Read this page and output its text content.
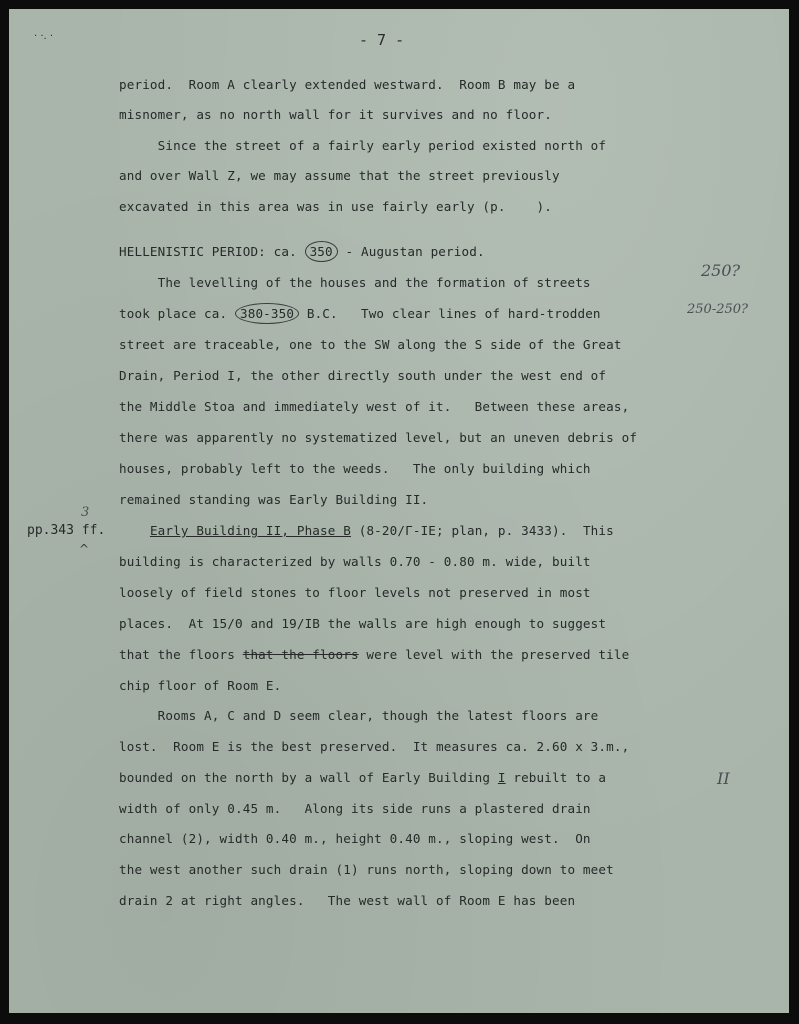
· ·. ·	- 7 -
period.  Room A clearly extended westward.  Room B may be a
misnomer, as no north wall for it survives and no floor.
Since the street of a fairly early period existed north of
and over Wall Z, we may assume that the street previously
excavated in this area was in use fairly early (p.    ).
HELLENISTIC PERIOD: ca. 350 - Augustan period.
The levelling of the houses and the formation of streets
took place ca. 380-350 B.C.   Two clear lines of hard-trodden
street are traceable, one to the SW along the S side of the Great
Drain, Period I, the other directly south under the west end of
the Middle Stoa and immediately west of it.   Between these areas,
there was apparently no systematized level, but an uneven debris of
houses, probably left to the weeds.   The only building which
remained standing was Early Building II.
Early Building II, Phase B (8-20/Γ-IE; plan, p. 3433).  This
building is characterized by walls 0.70 - 0.80 m. wide, built
loosely of field stones to floor levels not preserved in most
places.  At 15/Θ and 19/IB the walls are high enough to suggest
that the floors that the floors were level with the preserved tile
chip floor of Room E.
Rooms A, C and D seem clear, though the latest floors are
lost.  Room E is the best preserved.  It measures ca. 2.60 x 3.m.,
bounded on the north by a wall of Early Building I rebuilt to a
width of only 0.45 m.   Along its side runs a plastered drain
channel (2), width 0.40 m., height 0.40 m., sloping west.  On
the west another such drain (1) runs north, sloping down to meet
drain 2 at right angles.   The west wall of Room E has been
pp.343 ff.
3
^
250?
250-250?
II
